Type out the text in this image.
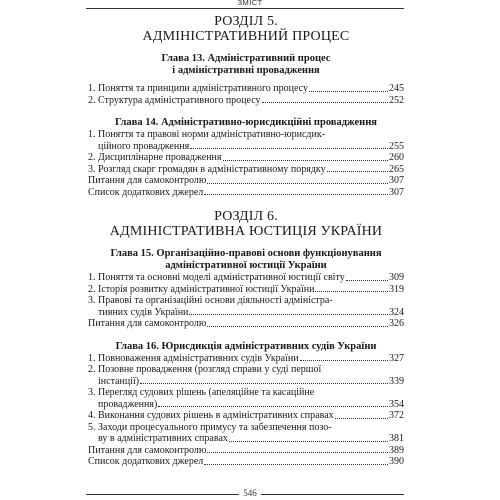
ЗМІСТ
РОЗДІЛ 5.
АДМІНІСТРАТИВНИЙ ПРОЦЕС
Глава 13. Адміністративний процес
і адміністративні провадження
1. Поняття та принципи адміністративного процесу	245
2. Структура адміністративного процесу	252
Глава 14. Адміністративно-юрисдикційні провадження
1. Поняття та правові норми адміністративно-юрисдик-
ційного провадження	255
2. Дисциплінарне провадження	260
3. Розгляд скарг громадян в адміністративному порядку	265
Питання для самоконтролю	307
Список додаткових джерел	307
РОЗДІЛ 6.
АДМІНІСТРАТИВНА ЮСТИЦІЯ УКРАЇНИ
Глава 15. Організаційно-правові основи функціонування
адміністративної юстиції України
1. Поняття та основні моделі адміністративної юстиції світу	309
2. Історія розвитку адміністративної юстиції України	319
3. Правові та організаційні основи діяльності адміністра-
тивних судів України	324
Питання для самоконтролю	326
Глава 16. Юрисдикція адміністративних судів України
1. Повноваження адміністративних судів України	327
2. Позовне провадження (розгляд справи у суді першої
інстанції)	339
3. Перегляд судових рішень (апеляційне та касаційне
провадження)	354
4. Виконання судових рішень в адміністративних справах	372
5. Заходи процесуального примусу та забезпечення позо-
ву в адміністративних справах	381
Питання для самоконтролю	389
Список додаткових джерел	390
546
